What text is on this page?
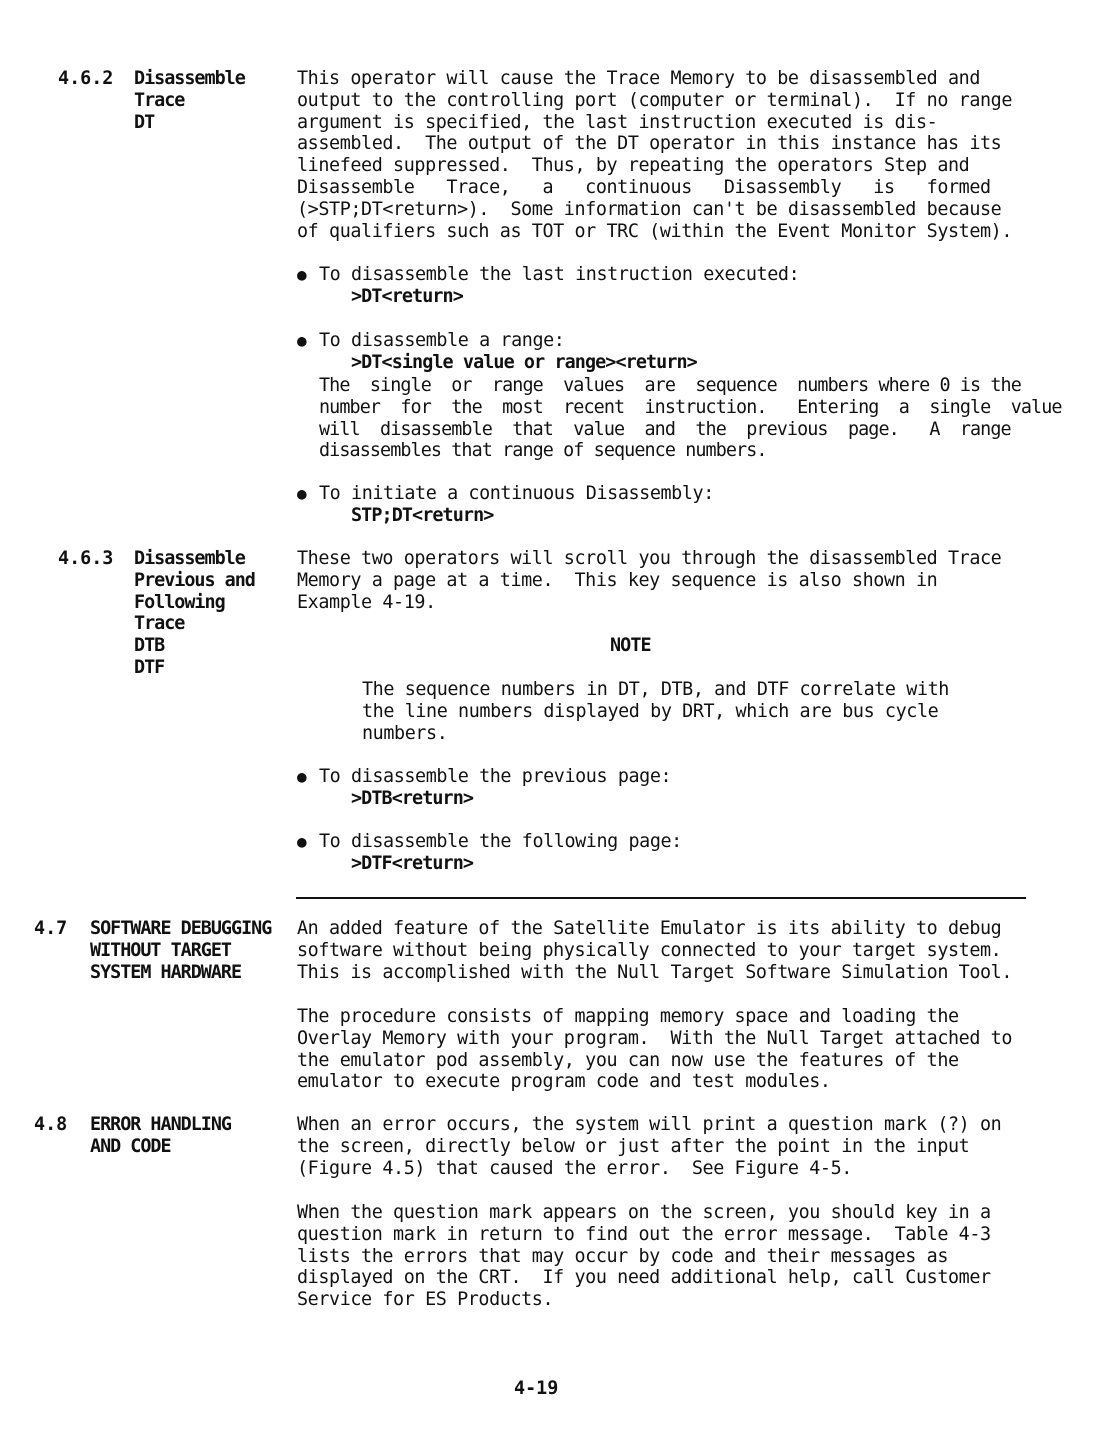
4.6.2 Disassemble
Trace
DT
This operator will cause the Trace Memory to be disassembled and
output to the controlling port (computer or terminal).  If no range
argument is specified, the last instruction executed is dis-
assembled.  The output of the DT operator in this instance has its
linefeed suppressed.  Thus, by repeating the operators Step and
Disassemble   Trace,   a   continuous   Disassembly   is   formed
(>STP;DT<return>).  Some information can't be disassembled because
of qualifiers such as TOT or TRC (within the Event Monitor System).
● To disassemble the last instruction executed:
>DT<return>
● To disassemble a range:
>DT<single value or range><return>
The  single  or  range  values  are  sequence  numbers where 0 is the
number  for  the  most  recent  instruction.   Entering  a  single  value
will  disassemble  that  value  and  the  previous  page.   A  range
disassembles that range of sequence numbers.
● To initiate a continuous Disassembly:
STP;DT<return>
4.6.3 Disassemble
Previous and
Following
Trace
DTB
DTF
These two operators will scroll you through the disassembled Trace
Memory a page at a time.  This key sequence is also shown in
Example 4-19.
NOTE
The sequence numbers in DT, DTB, and DTF correlate with
the line numbers displayed by DRT, which are bus cycle
numbers.
● To disassemble the previous page:
>DTB<return>
● To disassemble the following page:
>DTF<return>
4.7 SOFTWARE DEBUGGING
WITHOUT TARGET
SYSTEM HARDWARE
An added feature of the Satellite Emulator is its ability to debug
software without being physically connected to your target system.
This is accomplished with the Null Target Software Simulation Tool.
The procedure consists of mapping memory space and loading the
Overlay Memory with your program.  With the Null Target attached to
the emulator pod assembly, you can now use the features of the
emulator to execute program code and test modules.
4.8 ERROR HANDLING
AND CODE
When an error occurs, the system will print a question mark (?) on
the screen, directly below or just after the point in the input
(Figure 4.5) that caused the error.  See Figure 4-5.
When the question mark appears on the screen, you should key in a
question mark in return to find out the error message.  Table 4-3
lists the errors that may occur by code and their messages as
displayed on the CRT.  If you need additional help, call Customer
Service for ES Products.
4-19
